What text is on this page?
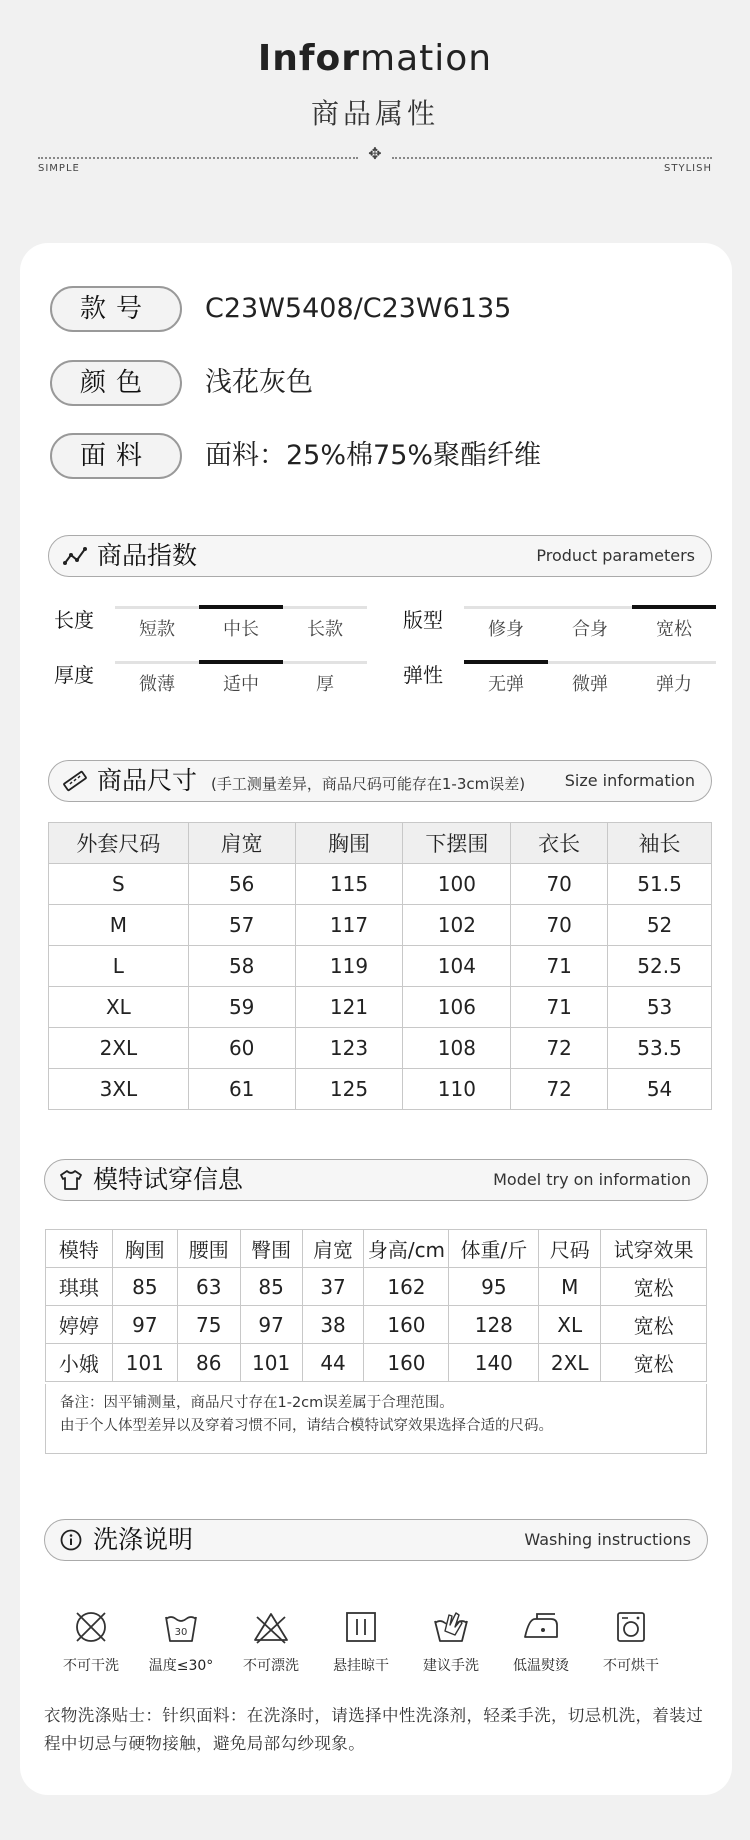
Information
商品属性
✥
SIMPLE	STYLISH
款号	C23W5408/C23W6135
颜色	浅花灰色
面料	面料：25%棉75%聚酯纤维
商品指数	Product parameters
长度	短款	中长	长款	版型	修身	合身	宽松
厚度	微薄	适中	厚	弹性	无弹	微弹	弹力
商品尺寸 (手工测量差异，商品尺码可能存在1-3cm误差) Size information
外套尺码	肩宽	胸围	下摆围	衣长	袖长
S	56	115	100	70	51.5
M	57	117	102	70	52
L	58	119	104	71	52.5
XL	59	121	106	71	53
2XL	60	123	108	72	53.5
3XL	61	125	110	72	54
模特试穿信息	Model try on information
模特	胸围	腰围	臀围	肩宽	身高/cm	体重/斤	尺码	试穿效果
琪琪	85	63	85	37	162	95	M	宽松
婷婷	97	75	97	38	160	128	XL	宽松
小娥	101	86	101	44	160	140	2XL	宽松
备注：因平铺测量，商品尺寸存在1-2cm误差属于合理范围。
由于个人体型差异以及穿着习惯不同，请结合模特试穿效果选择合适的尺码。
洗涤说明	Washing instructions
不可干洗
30
温度≤30°	不可漂洗	悬挂晾干	建议手洗	低温熨烫	不可烘干
衣物洗涤贴士：针织面料：在洗涤时，请选择中性洗涤剂，轻柔手洗，切忌机洗，着装过程中切忌与硬物接触，避免局部勾纱现象。
